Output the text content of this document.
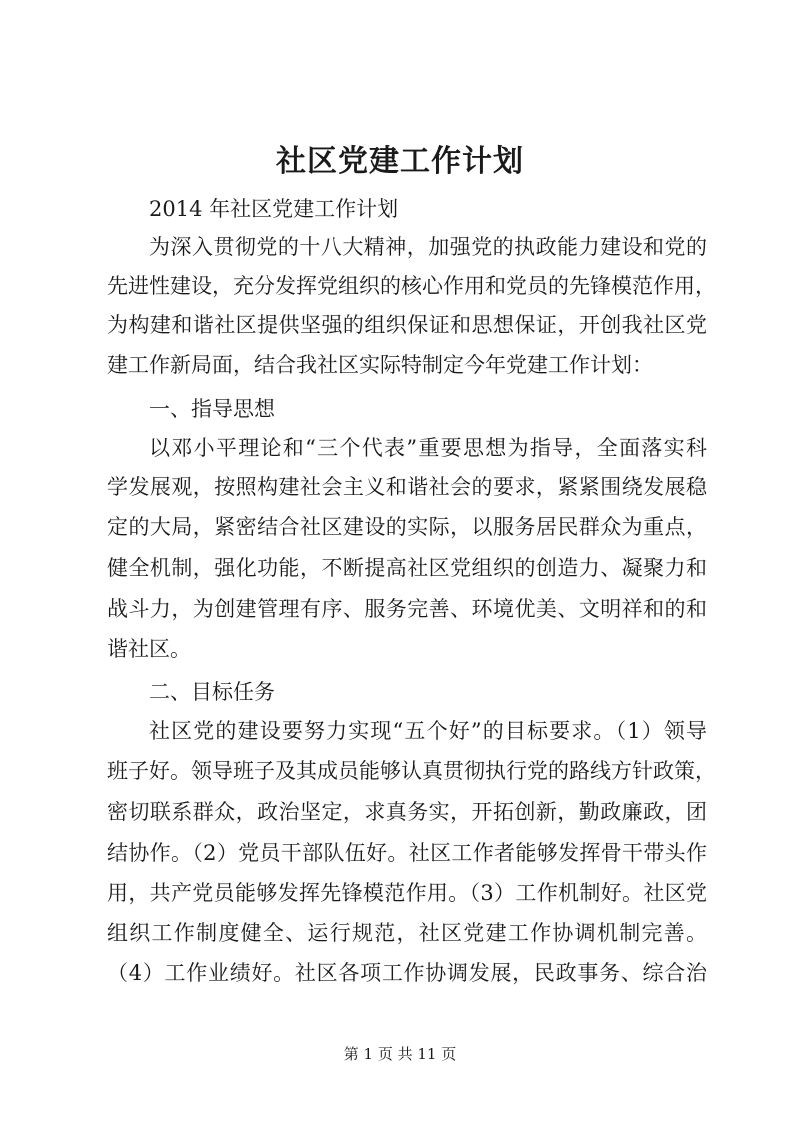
社区党建工作计划
2014 年社区党建工作计划
为深入贯彻党的十八大精神，加强党的执政能力建设和党的
先进性建设，充分发挥党组织的核心作用和党员的先锋模范作用，
为构建和谐社区提供坚强的组织保证和思想保证，开创我社区党
建工作新局面，结合我社区实际特制定今年党建工作计划：
一、指导思想
以邓小平理论和“三个代表”重要思想为指导，全面落实科
学发展观，按照构建社会主义和谐社会的要求，紧紧围绕发展稳
定的大局，紧密结合社区建设的实际，以服务居民群众为重点，
健全机制，强化功能，不断提高社区党组织的创造力、凝聚力和
战斗力，为创建管理有序、服务完善、环境优美、文明祥和的和
谐社区。
二、目标任务
社区党的建设要努力实现“五个好”的目标要求。（1）领导
班子好。领导班子及其成员能够认真贯彻执行党的路线方针政策，
密切联系群众，政治坚定，求真务实，开拓创新，勤政廉政，团
结协作。（2）党员干部队伍好。社区工作者能够发挥骨干带头作
用，共产党员能够发挥先锋模范作用。（3）工作机制好。社区党
组织工作制度健全、运行规范，社区党建工作协调机制完善。
（4）工作业绩好。社区各项工作协调发展，民政事务、综合治
第 1 页 共 11 页
